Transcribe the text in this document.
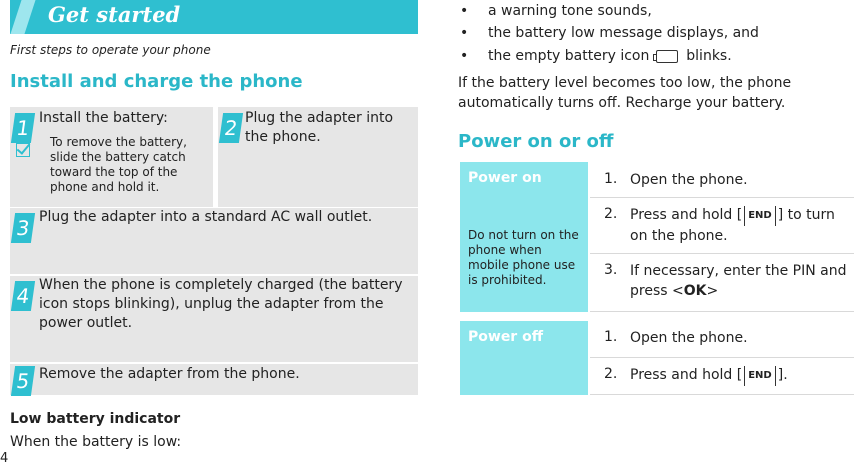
Get started
First steps to operate your phone
Install and charge the phone
1 Install the battery:
To remove the battery, slide the battery catch toward the top of the phone and hold it.
2 Plug the adapter into the phone.
3 Plug the adapter into a standard AC wall outlet.
4 When the phone is completely charged (the battery icon stops blinking), unplug the adapter from the power outlet.
5 Remove the adapter from the phone.
Low battery indicator
When the battery is low:
• a warning tone sounds,
• the battery low message displays, and
• the empty battery icon	blinks.
If the battery level becomes too low, the phone automatically turns off. Recharge your battery.
Power on or off
Power on
Do not turn on the phone when mobile phone use is prohibited.
1. Open the phone.
2. Press and hold [ END ] to turn on the phone.
3. If necessary, enter the PIN and press <OK>
Power off	1. Open the phone.
2. Press and hold [ END ].
4
